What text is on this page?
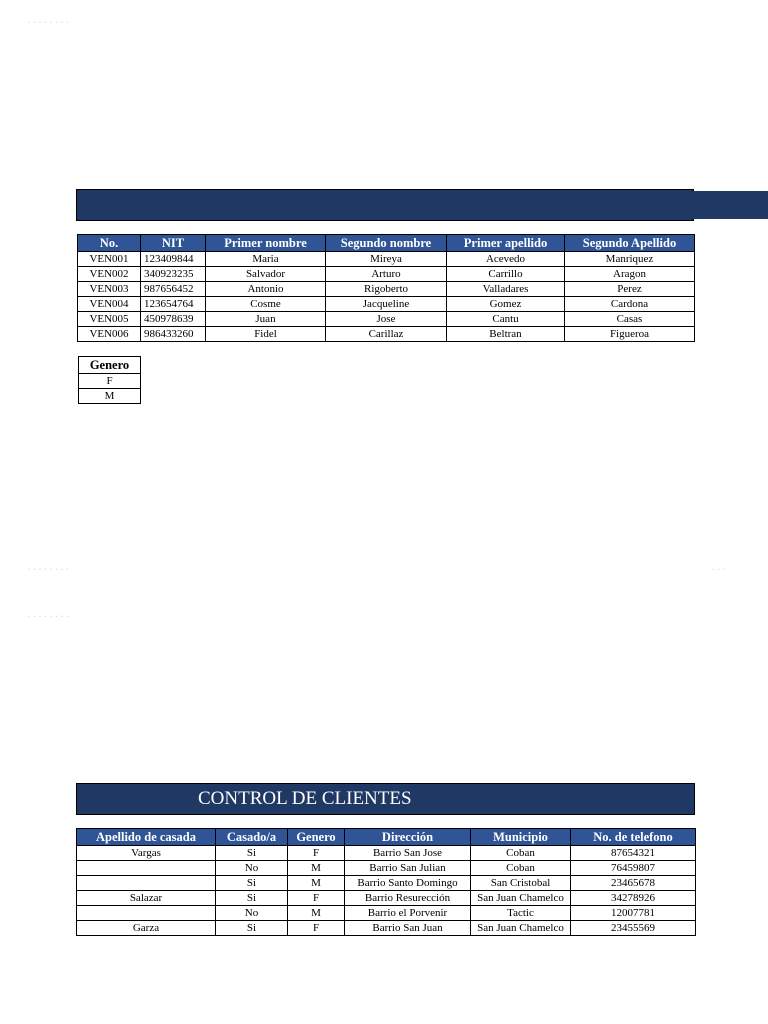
· · · · · · · ·
· · · · · · · ·	· · ·
· · · · · · · ·
No.	NIT	Primer nombre	Segundo nombre	Primer apellido	Segundo Apellido
VEN001	123409844	Maria	Mireya	Acevedo	Manriquez
VEN002	340923235	Salvador	Arturo	Carrillo	Aragon
VEN003	987656452	Antonio	Rigoberto	Valladares	Perez
VEN004	123654764	Cosme	Jacqueline	Gomez	Cardona
VEN005	450978639	Juan	Jose	Cantu	Casas
VEN006	986433260	Fidel	Carillaz	Beltran	Figueroa
Genero
F
M
CONTROL DE CLIENTES
Apellido de casada	Casado/a	Genero	Dirección	Municipio	No. de telefono
Vargas	Si	F	Barrio San Jose	Coban	87654321
	No	M	Barrio San Julian	Coban	76459807
	Si	M	Barrio Santo Domingo	San Cristobal	23465678
Salazar	Si	F	Barrio Resurección	San Juan Chamelco	34278926
	No	M	Barrio el Porvenir	Tactic	12007781
Garza	Si	F	Barrio San Juan	San Juan Chamelco	23455569
